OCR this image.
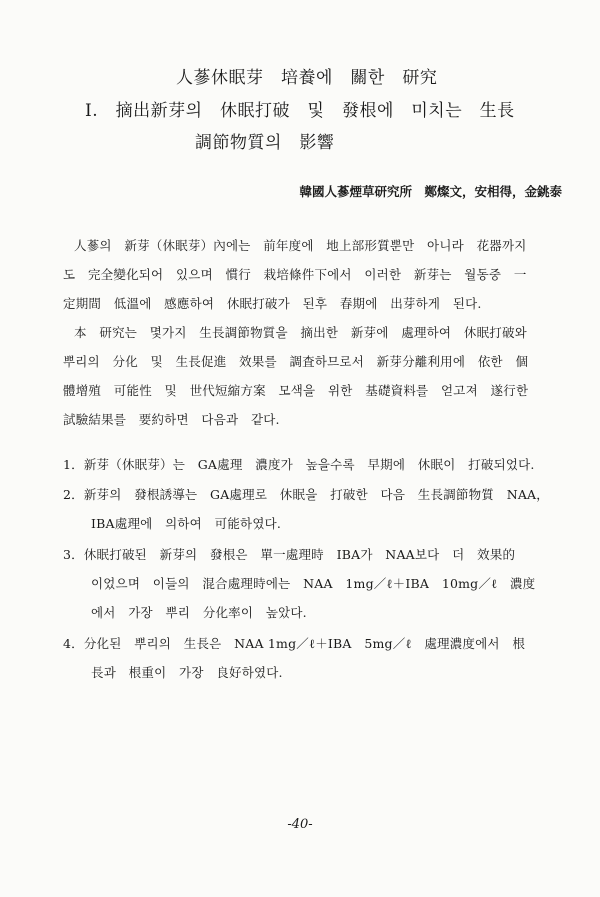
人蔘休眠芽　培養에　關한　研究
I.　摘出新芽의　休眠打破　및　發根에　미치는　生長
調節物質의　影響
韓國人蔘煙草研究所　鄭燦文，安相得，金銚泰
人蔘의　新芽（休眠芽）內에는　前年度에　地上部形質뿐만　아니라　花器까지
도　完全變化되어　있으며　慣行　栽培條件下에서　이러한　新芽는　월동중　一
定期間　低溫에　感應하여　休眠打破가　된후　春期에　出芽하게　된다.
本　研究는　몇가지　生長調節物質을　摘出한　新芽에　處理하여　休眠打破와
뿌리의　分化　및　生長促進　效果를　調査하므로서　新芽分離利用에　依한　個
體增殖　可能性　및　世代短縮方案　모색을　위한　基礎資料를　얻고져　遂行한
試驗結果를　要約하면　다음과　같다.
1．新芽（休眠芽）는　GA處理　濃度가　높을수록　早期에　休眠이　打破되었다.
2．新芽의　發根誘導는　GA處理로　休眠을　打破한　다음　生長調節物質　NAA，
IBA處理에　의하여　可能하였다.
3．休眠打破된　新芽의　發根은　單一處理時　IBA가　NAA보다　더　效果的
이었으며　이들의　混合處理時에는　NAA　1mg／ℓ＋IBA　10mg／ℓ　濃度
에서　가장　뿌리　分化率이　높았다.
4．分化된　뿌리의　生長은　NAA 1mg／ℓ＋IBA　5mg／ℓ　處理濃度에서　根
長과　根重이　가장　良好하였다.
-40-
